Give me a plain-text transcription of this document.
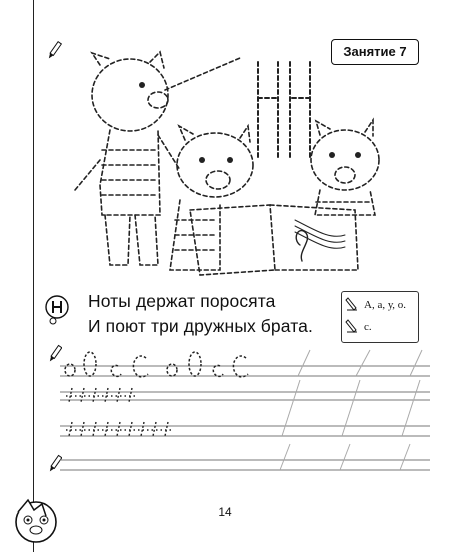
Занятие 7
Ноты держат поросята
И поют три дружных брата.
А, а, у, о.
с.
14
